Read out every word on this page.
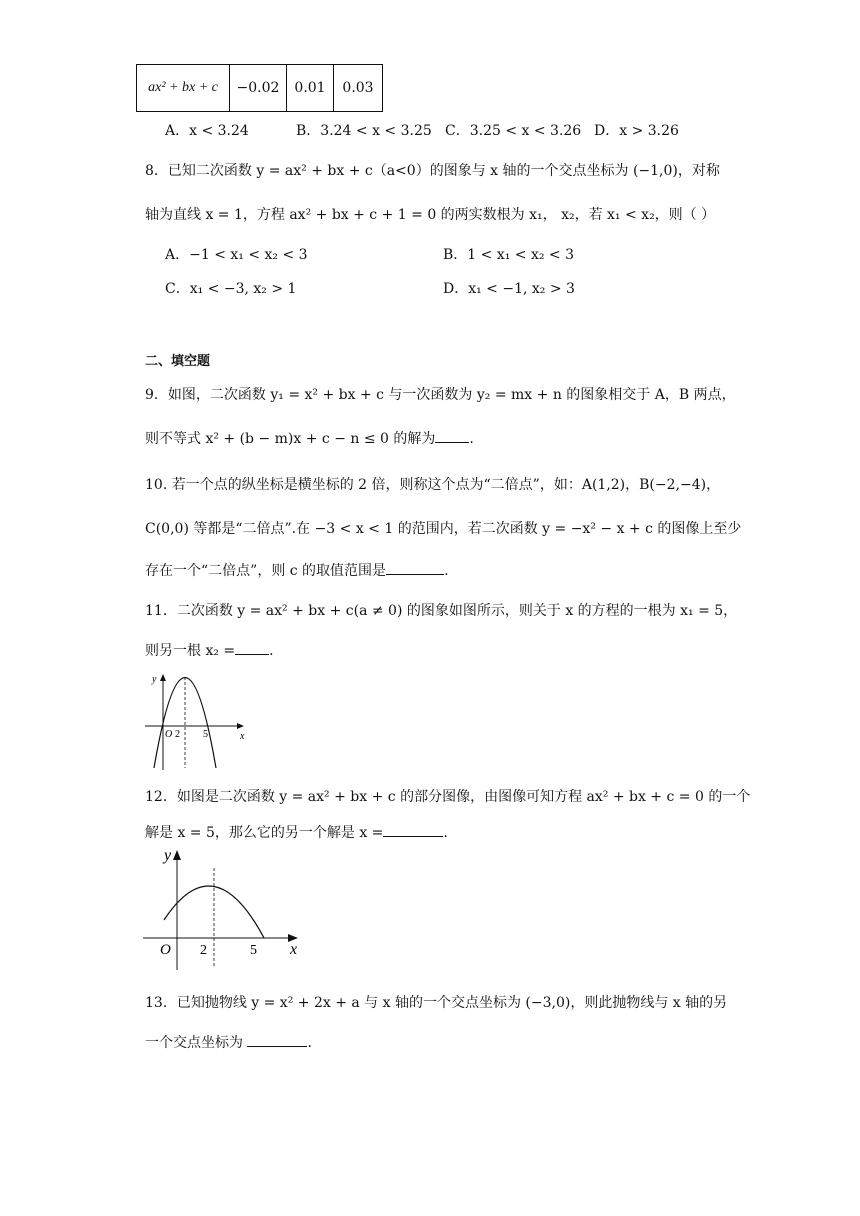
ax² + bx + c	−0.02	0.01	0.03
A．x < 3.24	B．3.24 < x < 3.25 C．3.25 < x < 3.26 D．x > 3.26
8．已知二次函数 y = ax² + bx + c（a<0）的图象与 x 轴的一个交点坐标为 (−1,0)，对称
轴为直线 x = 1，方程 ax² + bx + c + 1 = 0 的两实数根为 x₁， x₂，若 x₁ < x₂，则（ ）
A．−1 < x₁ < x₂ < 3	B．1 < x₁ < x₂ < 3
C．x₁ < −3, x₂ > 1	D．x₁ < −1, x₂ > 3
二、填空题
9．如图，二次函数 y₁ = x² + bx + c 与一次函数为 y₂ = mx + n 的图象相交于 A，B 两点，
则不等式 x² + (b − m)x + c − n ≤ 0 的解为 .
10. 若一个点的纵坐标是横坐标的 2 倍，则称这个点为“二倍点”，如：A(1,2)，B(−2,−4)，
C(0,0) 等都是“二倍点”.在 −3 < x < 1 的范围内，若二次函数 y = −x² − x + c 的图像上至少
存在一个“二倍点”，则 c 的取值范围是	.
11．二次函数 y = ax² + bx + c(a ≠ 0) 的图象如图所示，则关于 x 的方程的一根为 x₁ = 5，
则另一根 x₂ = .
y
x
O 2 5
12．如图是二次函数 y = ax² + bx + c 的部分图像，由图像可知方程 ax² + bx + c = 0 的一个
解是 x = 5，那么它的另一个解是 x =	.
y
x
O 2	5
13．已知抛物线 y = x² + 2x + a 与 x 轴的一个交点坐标为 (−3,0)，则此抛物线与 x 轴的另
一个交点坐标为	.
